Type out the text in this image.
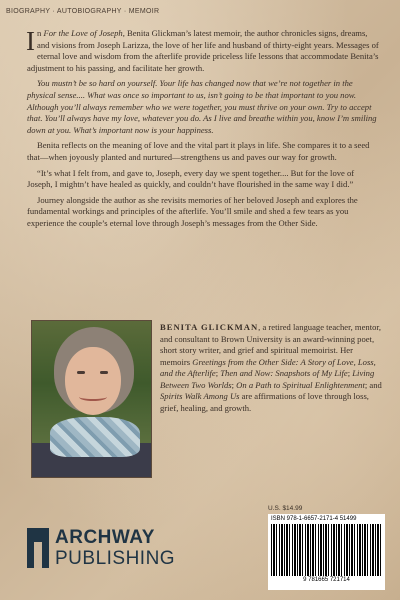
BIOGRAPHY · AUTOBIOGRAPHY · MEMOIR

In For the Love of Joseph, Benita Glickman’s latest memoir, the author chronicles signs, dreams, and visions from Joseph Larizza, the love of her life and husband of thirty-eight years. Messages of eternal love and wisdom from the afterlife provide priceless life lessons that accommodate Benita’s adjustment to his passing, and facilitate her growth.

You mustn’t be so hard on yourself. Your life has changed now that we’re not together in the physical sense.... What was once so important to us, isn’t going to be that important to you now. Although you’ll always remember who we were together, you must thrive on your own. Try to accept that. You’ll always have my love, whatever you do. As I live and breathe within you, know I’m smiling down at you. What’s important now is your happiness.

Benita reflects on the meaning of love and the vital part it plays in life. She compares it to a seed that—when joyously planted and nurtured—strengthens us and paves our way for growth.

“It’s what I felt from, and gave to, Joseph, every day we spent together.... But for the love of Joseph, I mightn’t have healed as quickly, and couldn’t have flourished in the same way I did.”

Journey alongside the author as she revisits memories of her beloved Joseph and explores the fundamental workings and principles of the afterlife. You’ll smile and shed a few tears as you experience the couple’s eternal love through Joseph’s messages from the Other Side.

BENITA GLICKMAN, a retired language teacher, mentor, and consultant to Brown University is an award-winning poet, short story writer, and grief and spiritual memoirist. Her memoirs Greetings from the Other Side: A Story of Love, Loss, and the Afterlife; Then and Now: Snapshots of My Life; Living Between Two Worlds; On a Path to Spiritual Enlightenment; and Spirits Walk Among Us are affirmations of love through loss, grief, healing, and growth.
ARCHWAY
PUBLISHING
U.S. $14.99
ISBN 978-1-6657-2171-4 51499
9 781665 721714
